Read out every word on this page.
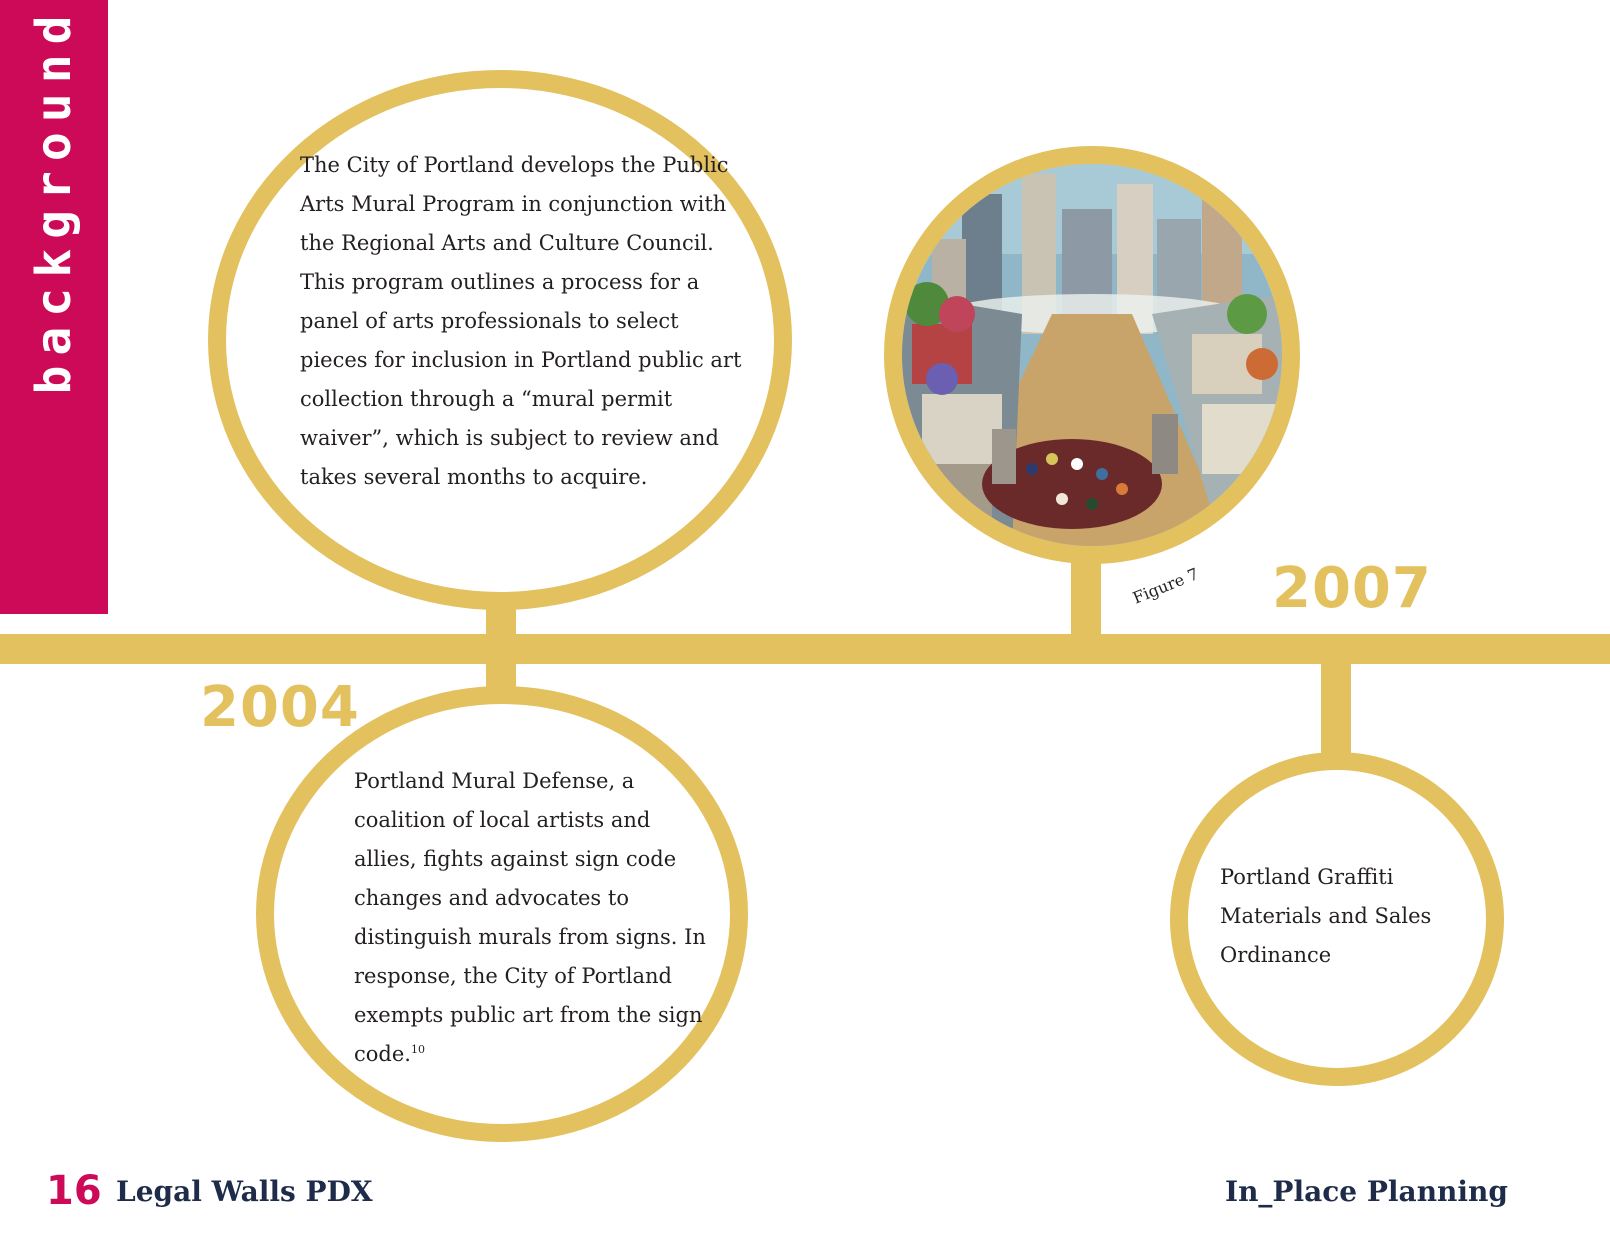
background	The City of Portland develops the Public Arts Mural Program in conjunction with the Regional Arts and Culture Council. This program outlines a process for a panel of arts professionals to select pieces for inclusion in Portland public art collection through a “mural permit waiver”, which is subject to review and takes several months to acquire.

2004

Portland Mural Defense, a coalition of local artists and allies, fights against sign code changes and advocates to distinguish murals from signs. In response, the City of Portland exempts public art from the sign code.$^{10}$

Figure 7 2007

Portland Graffiti Materials and Sales Ordinance

16 Legal Walls PDX	In_Place Planning
